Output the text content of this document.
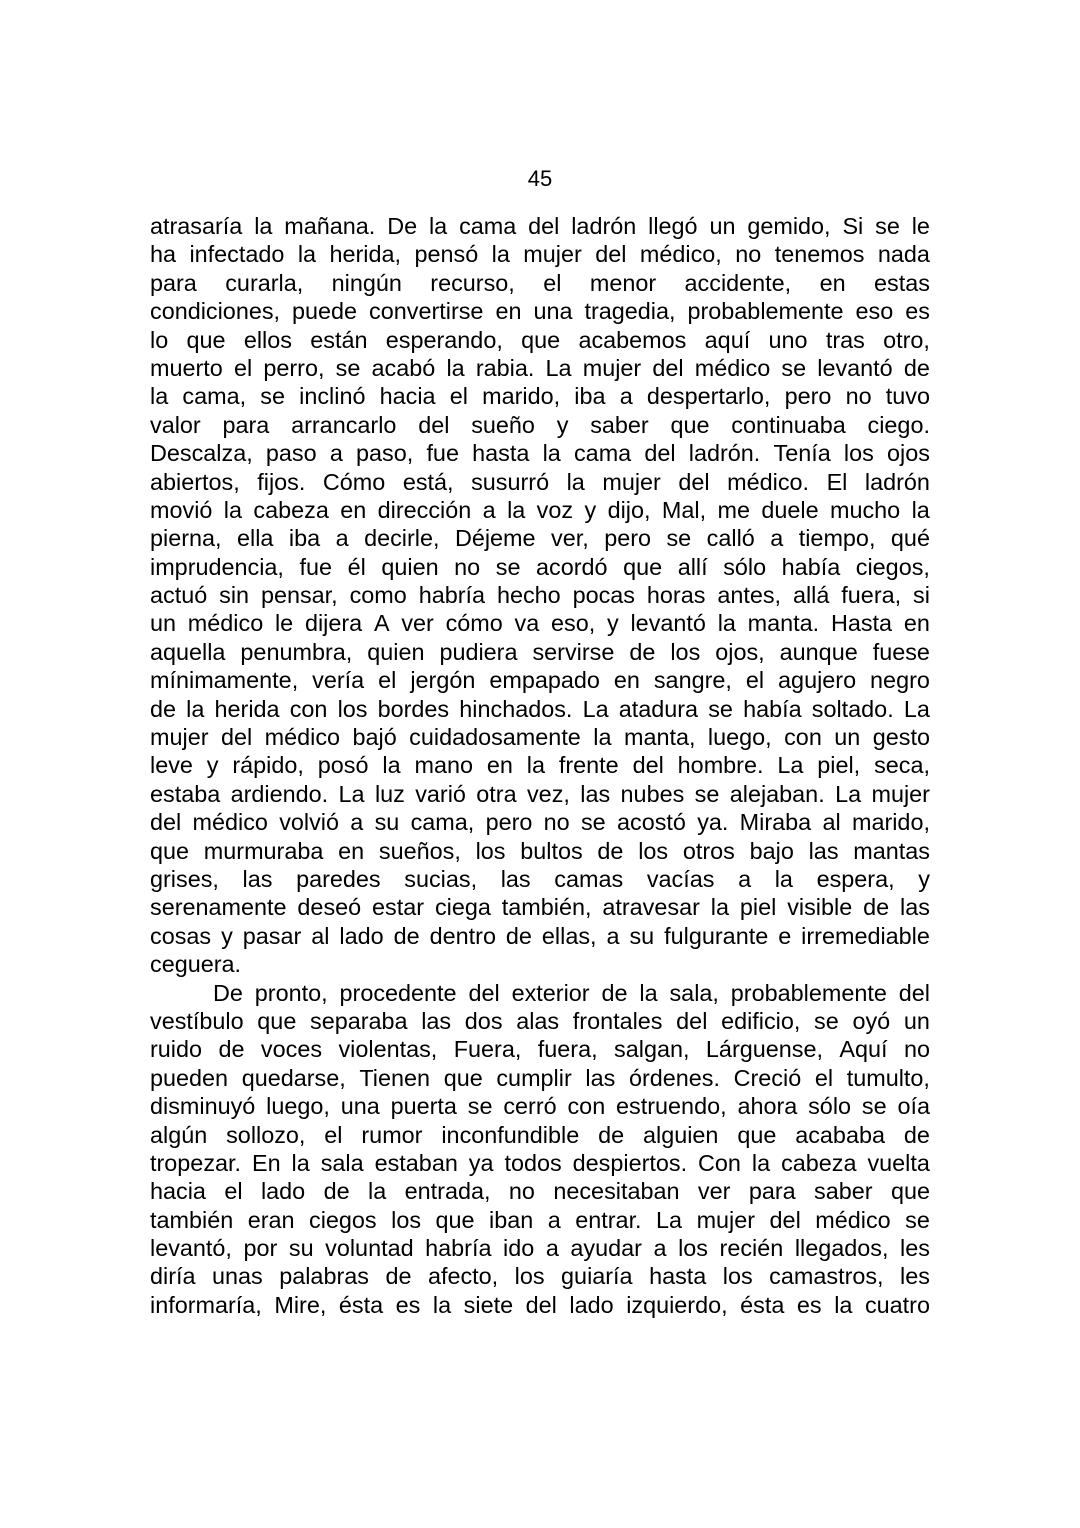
45
atrasaría la mañana. De la cama del ladrón llegó un gemido, Si se le
ha infectado la herida, pensó la mujer del médico, no tenemos nada
para curarla, ningún recurso, el menor accidente, en estas
condiciones, puede convertirse en una tragedia, probablemente eso es
lo que ellos están esperando, que acabemos aquí uno tras otro,
muerto el perro, se acabó la rabia. La mujer del médico se levantó de
la cama, se inclinó hacia el marido, iba a despertarlo, pero no tuvo
valor para arrancarlo del sueño y saber que continuaba ciego.
Descalza, paso a paso, fue hasta la cama del ladrón. Tenía los ojos
abiertos, fijos. Cómo está, susurró la mujer del médico. El ladrón
movió la cabeza en dirección a la voz y dijo, Mal, me duele mucho la
pierna, ella iba a decirle, Déjeme ver, pero se calló a tiempo, qué
imprudencia, fue él quien no se acordó que allí sólo había ciegos,
actuó sin pensar, como habría hecho pocas horas antes, allá fuera, si
un médico le dijera A ver cómo va eso, y levantó la manta. Hasta en
aquella penumbra, quien pudiera servirse de los ojos, aunque fuese
mínimamente, vería el jergón empapado en sangre, el agujero negro
de la herida con los bordes hinchados. La atadura se había soltado. La
mujer del médico bajó cuidadosamente la manta, luego, con un gesto
leve y rápido, posó la mano en la frente del hombre. La piel, seca,
estaba ardiendo. La luz varió otra vez, las nubes se alejaban. La mujer
del médico volvió a su cama, pero no se acostó ya. Miraba al marido,
que murmuraba en sueños, los bultos de los otros bajo las mantas
grises, las paredes sucias, las camas vacías a la espera, y
serenamente deseó estar ciega también, atravesar la piel visible de las
cosas y pasar al lado de dentro de ellas, a su fulgurante e irremediable
ceguera.
De pronto, procedente del exterior de la sala, probablemente del
vestíbulo que separaba las dos alas frontales del edificio, se oyó un
ruido de voces violentas, Fuera, fuera, salgan, Lárguense, Aquí no
pueden quedarse, Tienen que cumplir las órdenes. Creció el tumulto,
disminuyó luego, una puerta se cerró con estruendo, ahora sólo se oía
algún sollozo, el rumor inconfundible de alguien que acababa de
tropezar. En la sala estaban ya todos despiertos. Con la cabeza vuelta
hacia el lado de la entrada, no necesitaban ver para saber que
también eran ciegos los que iban a entrar. La mujer del médico se
levantó, por su voluntad habría ido a ayudar a los recién llegados, les
diría unas palabras de afecto, los guiaría hasta los camastros, les
informaría, Mire, ésta es la siete del lado izquierdo, ésta es la cuatro
